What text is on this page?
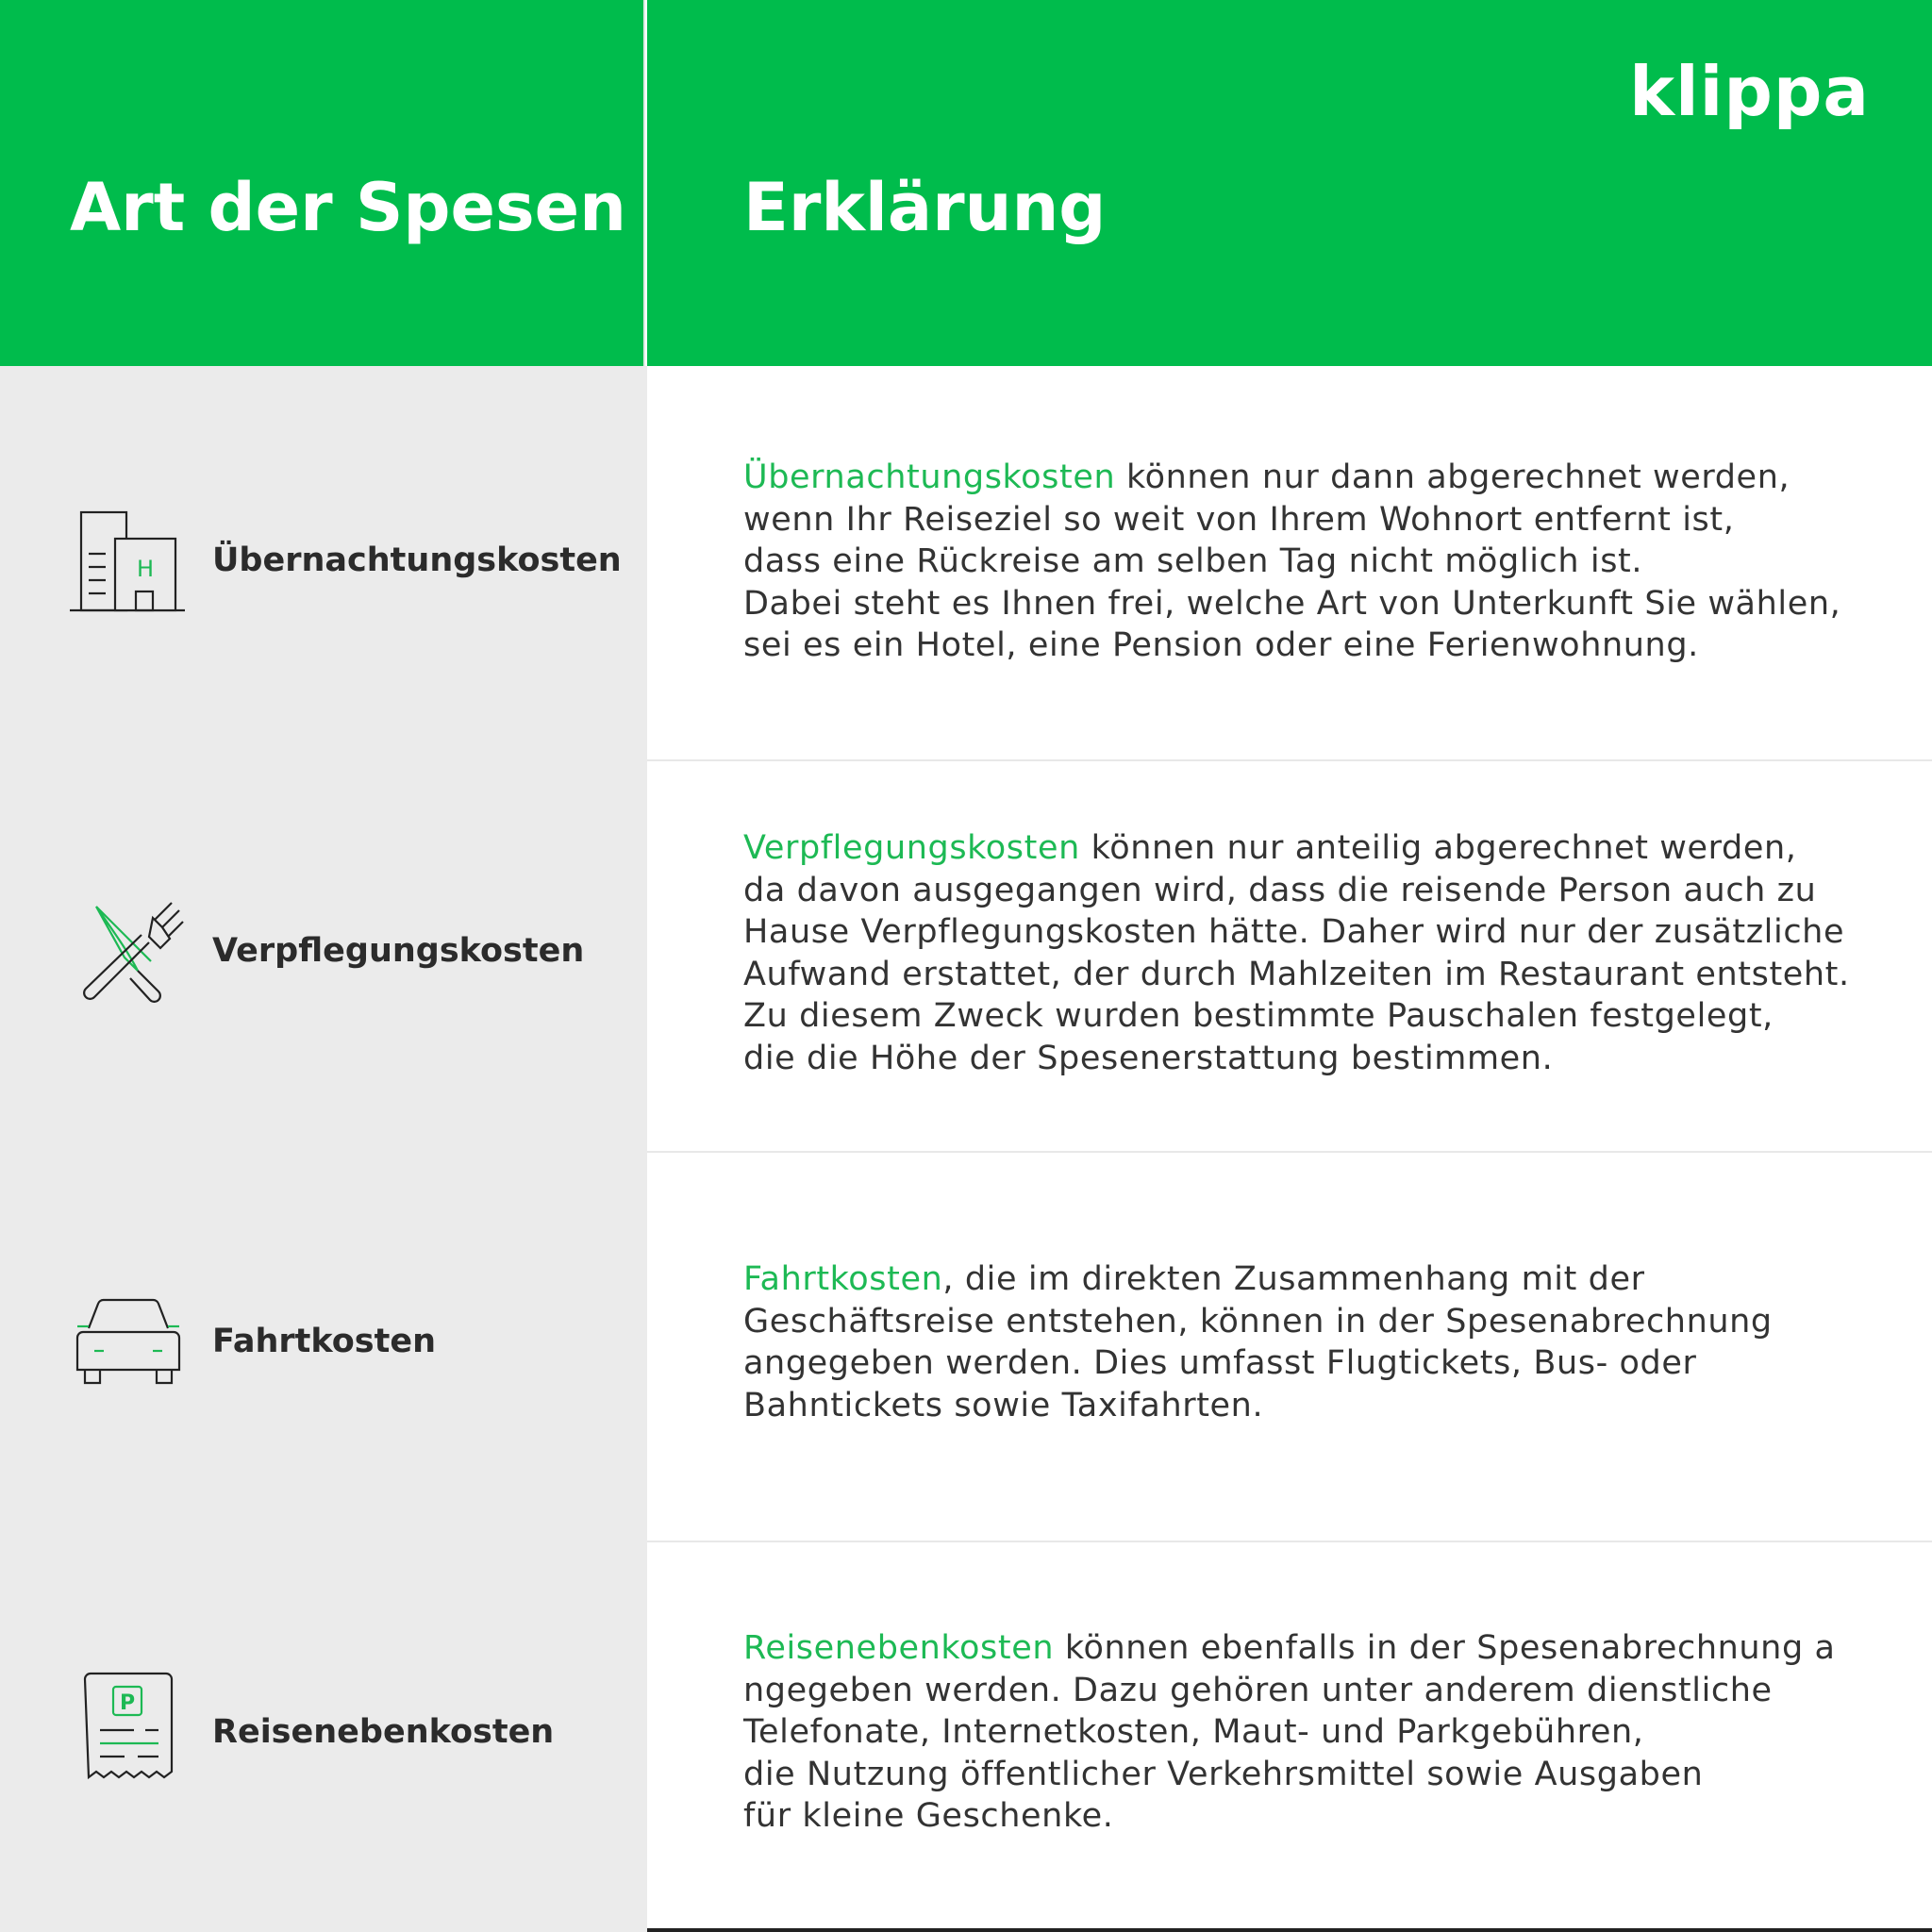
Art der Spesen
klippa
Erklärung
H Übernachtungskosten
Verpflegungskosten
Fahrtkosten
P
Reisenebenkosten

Übernachtungskosten können nur dann abgerechnet werden,
wenn Ihr Reiseziel so weit von Ihrem Wohnort entfernt ist,
dass eine Rückreise am selben Tag nicht möglich ist.
Dabei steht es Ihnen frei, welche Art von Unterkunft Sie wählen,
sei es ein Hotel, eine Pension oder eine Ferienwohnung.

Verpflegungskosten können nur anteilig abgerechnet werden,
da davon ausgegangen wird, dass die reisende Person auch zu
Hause Verpflegungskosten hätte. Daher wird nur der zusätzliche
Aufwand erstattet, der durch Mahlzeiten im Restaurant entsteht.
Zu diesem Zweck wurden bestimmte Pauschalen festgelegt,
die die Höhe der Spesenerstattung bestimmen.

Fahrtkosten, die im direkten Zusammenhang mit der
Geschäftsreise entstehen, können in der Spesenabrechnung
angegeben werden. Dies umfasst Flugtickets, Bus- oder
Bahntickets sowie Taxifahrten.

Reisenebenkosten können ebenfalls in der Spesenabrechnung a
ngegeben werden. Dazu gehören unter anderem dienstliche
Telefonate, Internetkosten, Maut- und Parkgebühren,
die Nutzung öffentlicher Verkehrsmittel sowie Ausgaben
für kleine Geschenke.
